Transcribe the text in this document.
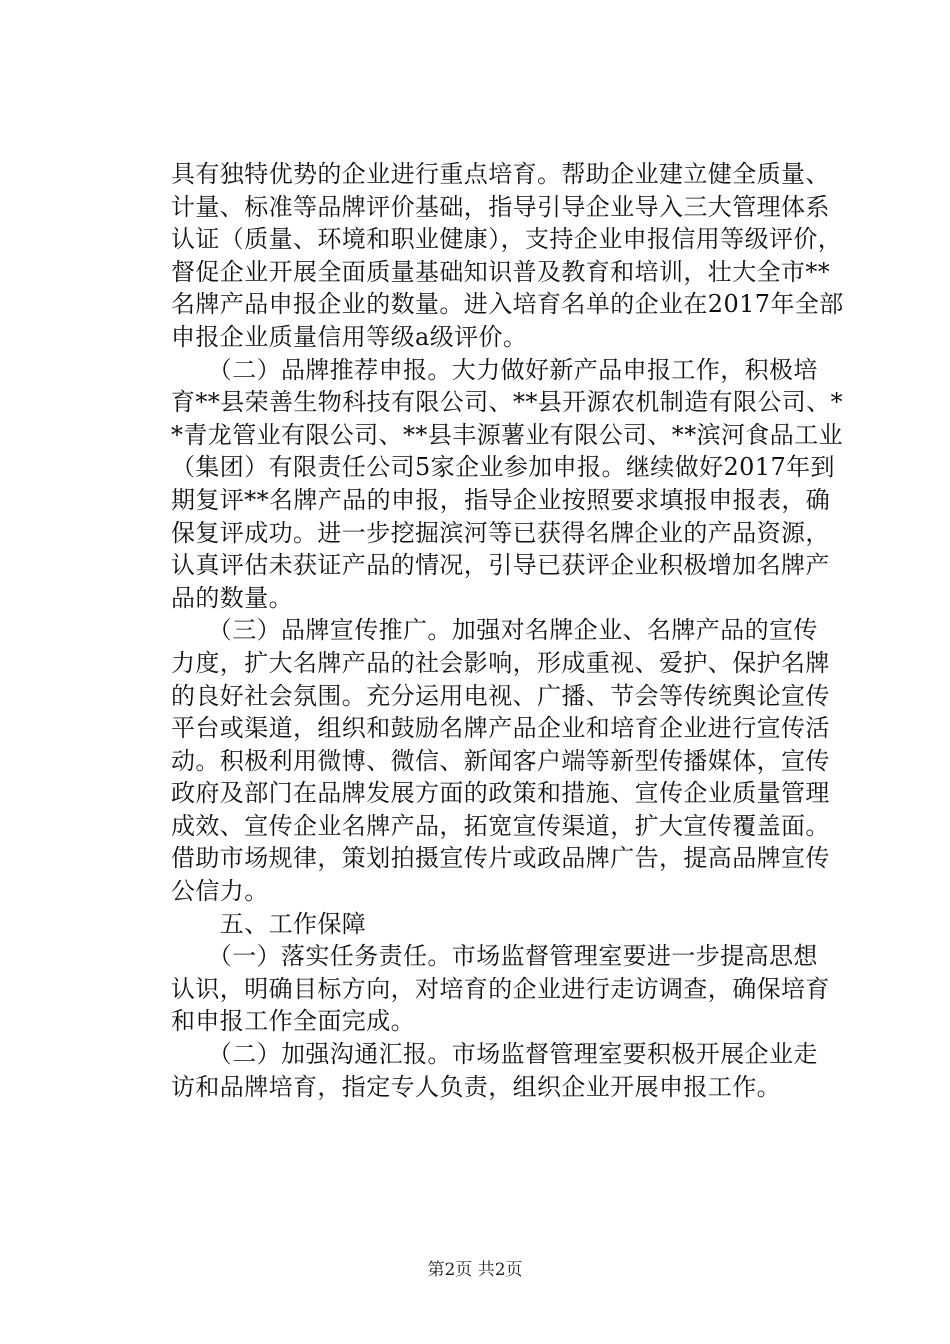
具有独特优势的企业进行重点培育。帮助企业建立健全质量、
计量、标准等品牌评价基础，指导引导企业导入三大管理体系
认证（质量、环境和职业健康），支持企业申报信用等级评价，
督促企业开展全面质量基础知识普及教育和培训，壮大全市**
名牌产品申报企业的数量。进入培育名单的企业在2017年全部
申报企业质量信用等级a级评价。
　　（二）品牌推荐申报。大力做好新产品申报工作，积极培
育**县荣善生物科技有限公司、**县开源农机制造有限公司、*
*青龙管业有限公司、**县丰源薯业有限公司、**滨河食品工业
（集团）有限责任公司5家企业参加申报。继续做好2017年到
期复评**名牌产品的申报，指导企业按照要求填报申报表，确
保复评成功。进一步挖掘滨河等已获得名牌企业的产品资源，
认真评估未获证产品的情况，引导已获评企业积极增加名牌产
品的数量。
　　（三）品牌宣传推广。加强对名牌企业、名牌产品的宣传
力度，扩大名牌产品的社会影响，形成重视、爱护、保护名牌
的良好社会氛围。充分运用电视、广播、节会等传统舆论宣传
平台或渠道，组织和鼓励名牌产品企业和培育企业进行宣传活
动。积极利用微博、微信、新闻客户端等新型传播媒体，宣传
政府及部门在品牌发展方面的政策和措施、宣传企业质量管理
成效、宣传企业名牌产品，拓宽宣传渠道，扩大宣传覆盖面。
借助市场规律，策划拍摄宣传片或政品牌广告，提高品牌宣传
公信力。
　　五、工作保障
　　（一）落实任务责任。市场监督管理室要进一步提高思想
认识，明确目标方向，对培育的企业进行走访调查，确保培育
和申报工作全面完成。
　　（二）加强沟通汇报。市场监督管理室要积极开展企业走
访和品牌培育，指定专人负责，组织企业开展申报工作。
第2页 共2页
